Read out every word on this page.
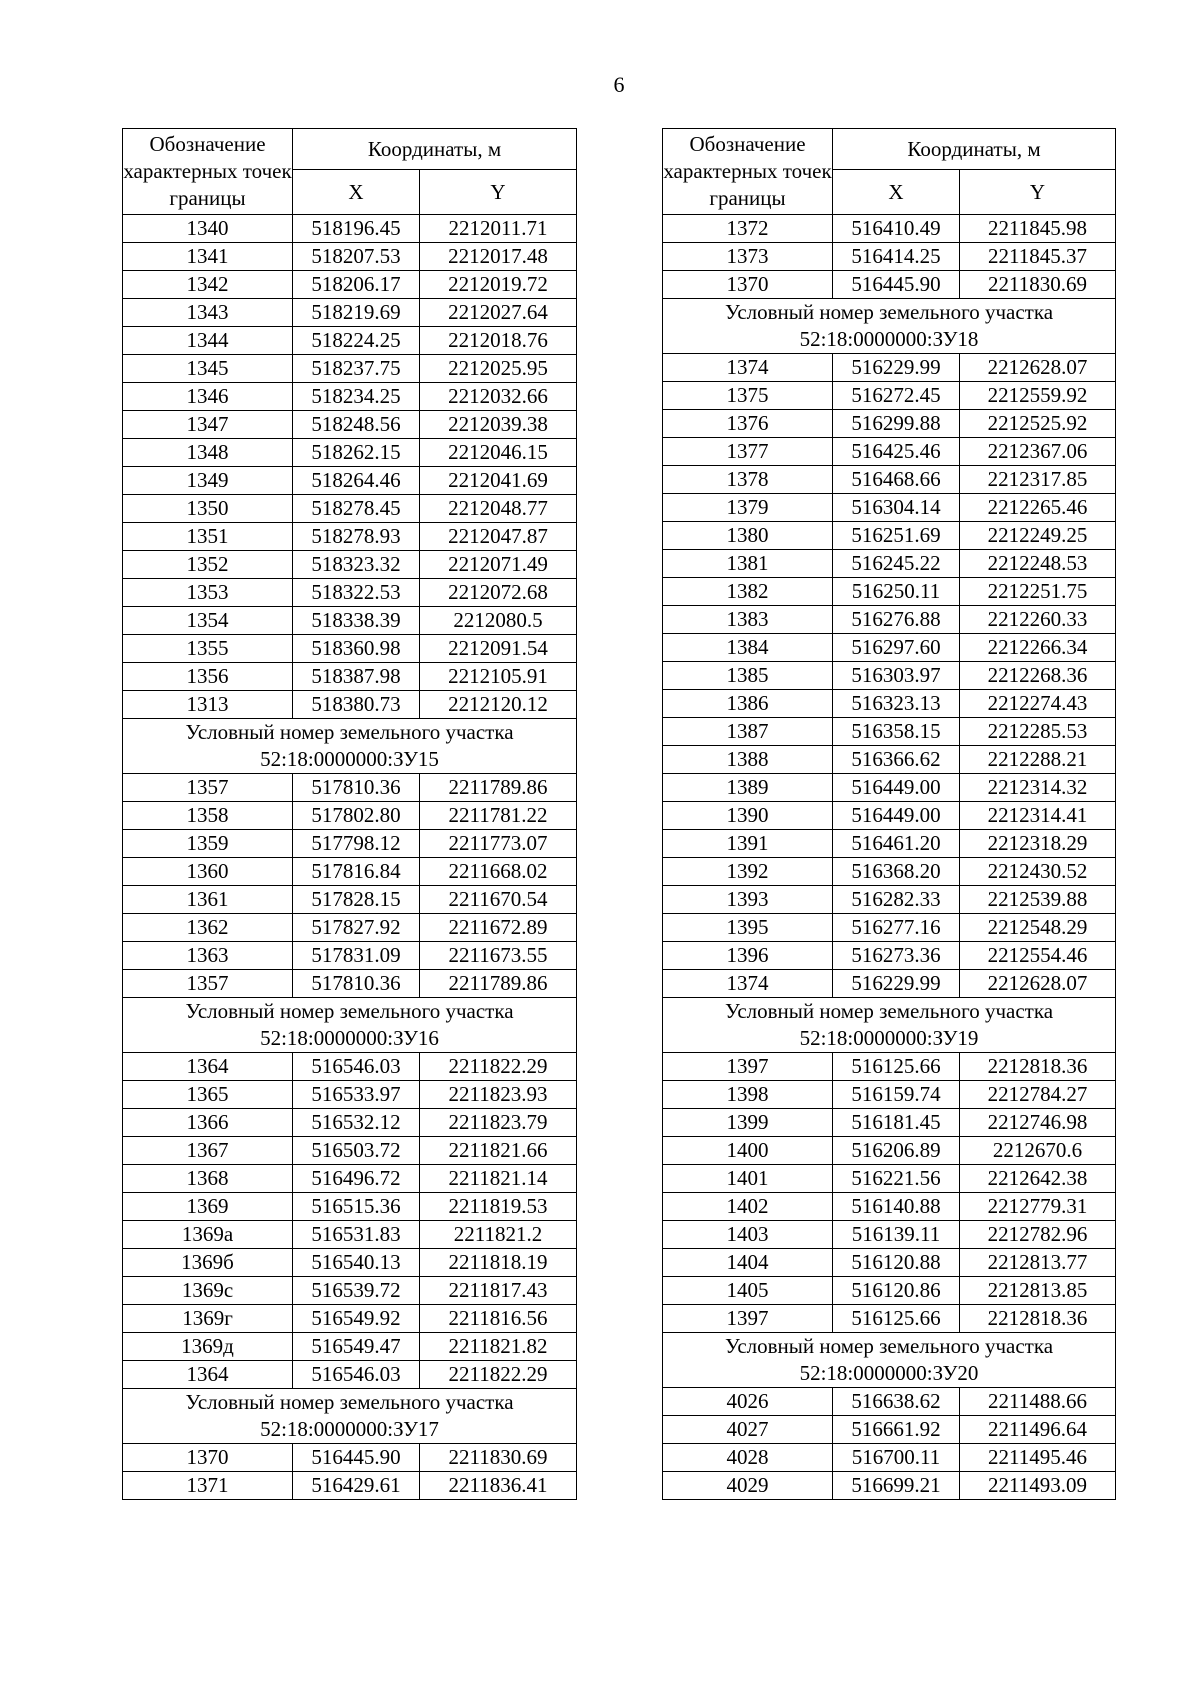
6
Обозначение характерных точек границы	Координаты, м	
	X	Y
1340	518196.45	2212011.71
1341	518207.53	2212017.48
1342	518206.17	2212019.72
1343	518219.69	2212027.64
1344	518224.25	2212018.76
1345	518237.75	2212025.95
1346	518234.25	2212032.66
1347	518248.56	2212039.38
1348	518262.15	2212046.15
1349	518264.46	2212041.69
1350	518278.45	2212048.77
1351	518278.93	2212047.87
1352	518323.32	2212071.49
1353	518322.53	2212072.68
1354	518338.39	2212080.5
1355	518360.98	2212091.54
1356	518387.98	2212105.91
1313	518380.73	2212120.12
Условный номер земельного участка 52:18:0000000:ЗУ15		
1357	517810.36	2211789.86
1358	517802.80	2211781.22
1359	517798.12	2211773.07
1360	517816.84	2211668.02
1361	517828.15	2211670.54
1362	517827.92	2211672.89
1363	517831.09	2211673.55
1357	517810.36	2211789.86
Условный номер земельного участка 52:18:0000000:ЗУ16		
1364	516546.03	2211822.29
1365	516533.97	2211823.93
1366	516532.12	2211823.79
1367	516503.72	2211821.66
1368	516496.72	2211821.14
1369	516515.36	2211819.53
1369а	516531.83	2211821.2
1369б	516540.13	2211818.19
1369с	516539.72	2211817.43
1369г	516549.92	2211816.56
1369д	516549.47	2211821.82
1364	516546.03	2211822.29
Условный номер земельного участка 52:18:0000000:ЗУ17		
1370	516445.90	2211830.69
1371	516429.61	2211836.41
Обозначение характерных точек границы	Координаты, м	
	X	Y
1372	516410.49	2211845.98
1373	516414.25	2211845.37
1370	516445.90	2211830.69
Условный номер земельного участка 52:18:0000000:ЗУ18		
1374	516229.99	2212628.07
1375	516272.45	2212559.92
1376	516299.88	2212525.92
1377	516425.46	2212367.06
1378	516468.66	2212317.85
1379	516304.14	2212265.46
1380	516251.69	2212249.25
1381	516245.22	2212248.53
1382	516250.11	2212251.75
1383	516276.88	2212260.33
1384	516297.60	2212266.34
1385	516303.97	2212268.36
1386	516323.13	2212274.43
1387	516358.15	2212285.53
1388	516366.62	2212288.21
1389	516449.00	2212314.32
1390	516449.00	2212314.41
1391	516461.20	2212318.29
1392	516368.20	2212430.52
1393	516282.33	2212539.88
1395	516277.16	2212548.29
1396	516273.36	2212554.46
1374	516229.99	2212628.07
Условный номер земельного участка 52:18:0000000:ЗУ19		
1397	516125.66	2212818.36
1398	516159.74	2212784.27
1399	516181.45	2212746.98
1400	516206.89	2212670.6
1401	516221.56	2212642.38
1402	516140.88	2212779.31
1403	516139.11	2212782.96
1404	516120.88	2212813.77
1405	516120.86	2212813.85
1397	516125.66	2212818.36
Условный номер земельного участка 52:18:0000000:ЗУ20		
4026	516638.62	2211488.66
4027	516661.92	2211496.64
4028	516700.11	2211495.46
4029	516699.21	2211493.09
